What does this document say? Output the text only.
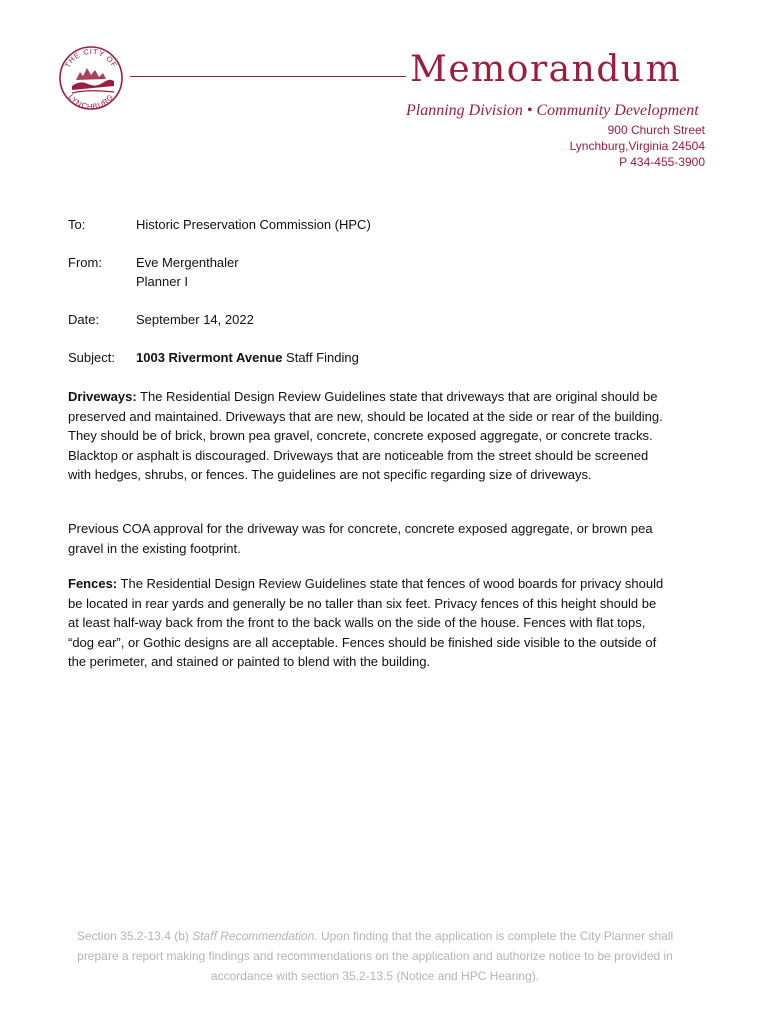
THE CITY OF
LYNCHBURG
Memorandum
Planning Division • Community Development
900 Church Street
Lynchburg,Virginia 24504
P 434-455-3900
To:	Historic Preservation Commission (HPC)
From:	Eve Mergenthaler
Planner I
Date:	September 14, 2022
Subject: 1003 Rivermont Avenue Staff Finding
Driveways: The Residential Design Review Guidelines state that driveways that are original should be preserved and maintained. Driveways that are new, should be located at the side or rear of the building. They should be of brick, brown pea gravel, concrete, concrete exposed aggregate, or concrete tracks. Blacktop or asphalt is discouraged. Driveways that are noticeable from the street should be screened with hedges, shrubs, or fences. The guidelines are not specific regarding size of driveways.
Previous COA approval for the driveway was for concrete, concrete exposed aggregate, or brown pea gravel in the existing footprint.
Fences: The Residential Design Review Guidelines state that fences of wood boards for privacy should be located in rear yards and generally be no taller than six feet. Privacy fences of this height should be at least half-way back from the front to the back walls on the side of the house. Fences with flat tops, “dog ear”, or Gothic designs are all acceptable. Fences should be finished side visible to the outside of the perimeter, and stained or painted to blend with the building.
Section 35.2-13.4 (b) Staff Recommendation. Upon finding that the application is complete the City Planner shall prepare a report making findings and recommendations on the application and authorize notice to be provided in accordance with section 35.2-13.5 (Notice and HPC Hearing).
